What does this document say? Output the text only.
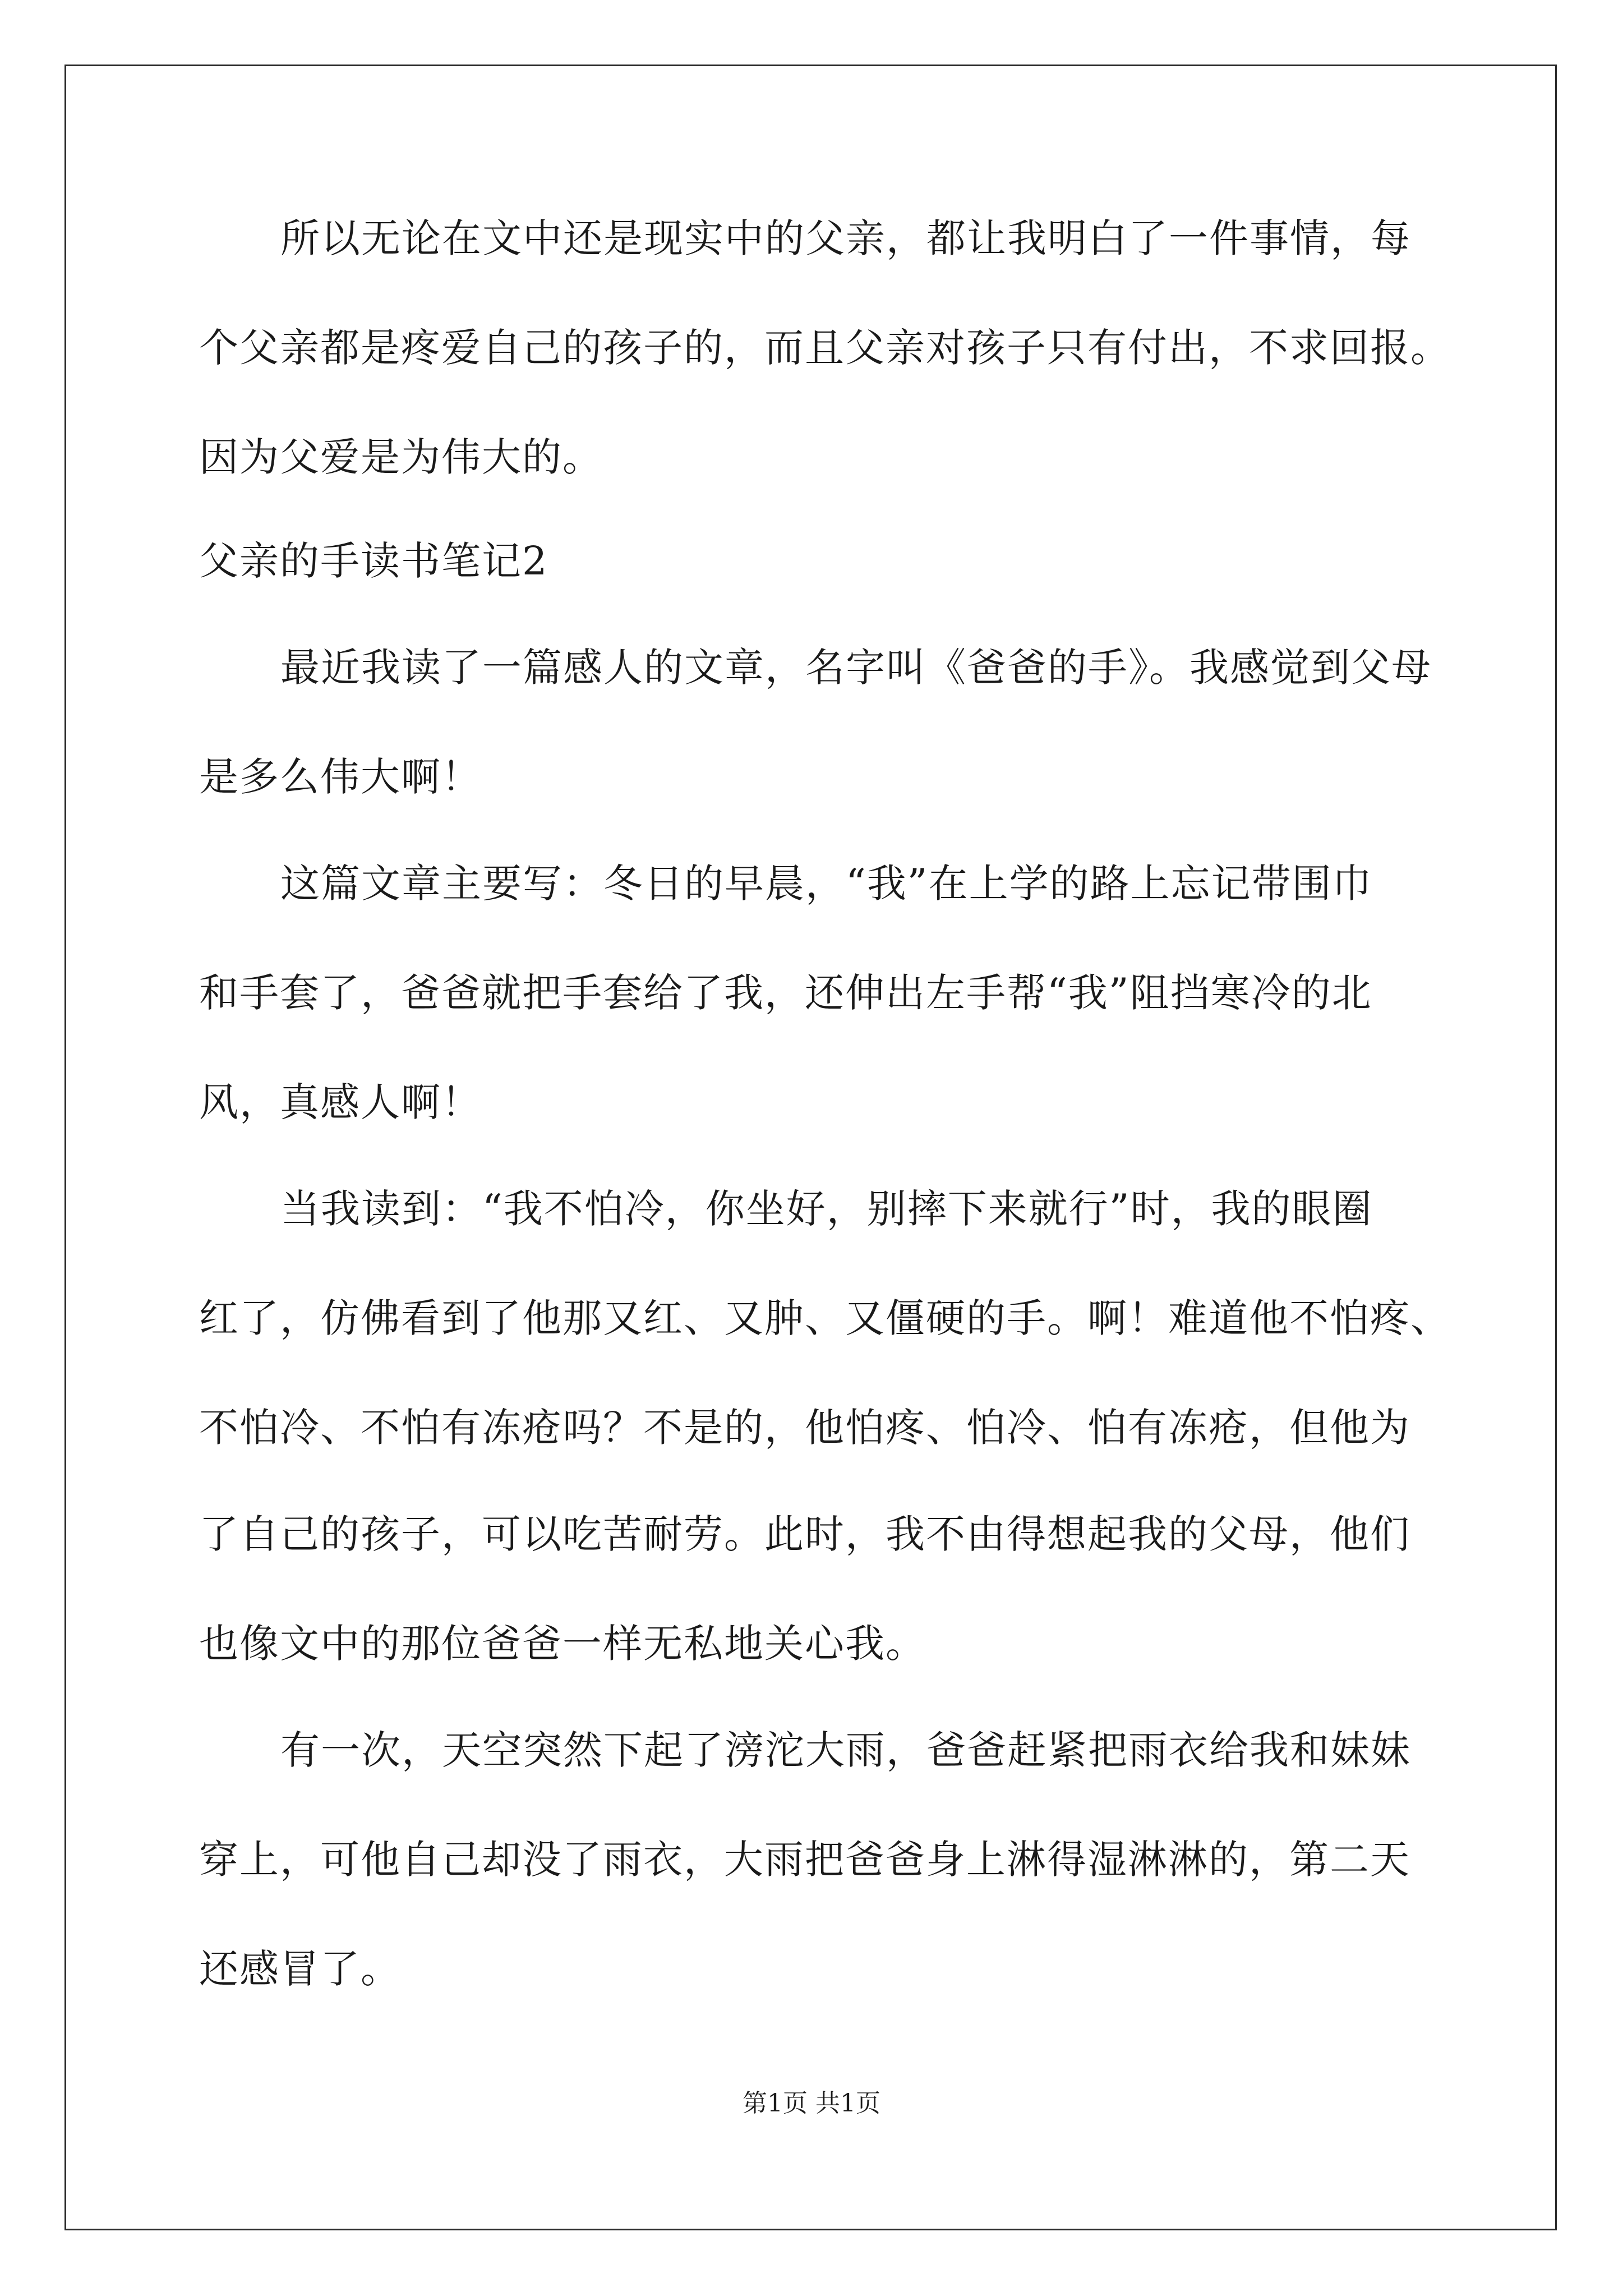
所以无论在文中还是现实中的父亲，都让我明白了一件事情，每
个父亲都是疼爱自己的孩子的，而且父亲对孩子只有付出，不求回报。
因为父爱是为伟大的。
父亲的手读书笔记2
最近我读了一篇感人的文章，名字叫《爸爸的手》。我感觉到父母
是多么伟大啊！
这篇文章主要写：冬日的早晨，“我”在上学的路上忘记带围巾
和手套了，爸爸就把手套给了我，还伸出左手帮“我”阻挡寒冷的北
风，真感人啊！
当我读到：“我不怕冷，你坐好，别摔下来就行”时，我的眼圈
红了，仿佛看到了他那又红、又肿、又僵硬的手。啊！难道他不怕疼、
不怕冷、不怕有冻疮吗？不是的，他怕疼、怕冷、怕有冻疮，但他为
了自己的孩子，可以吃苦耐劳。此时，我不由得想起我的父母，他们
也像文中的那位爸爸一样无私地关心我。
有一次，天空突然下起了滂沱大雨，爸爸赶紧把雨衣给我和妹妹
穿上，可他自己却没了雨衣，大雨把爸爸身上淋得湿淋淋的，第二天
还感冒了。
第1页 共1页
